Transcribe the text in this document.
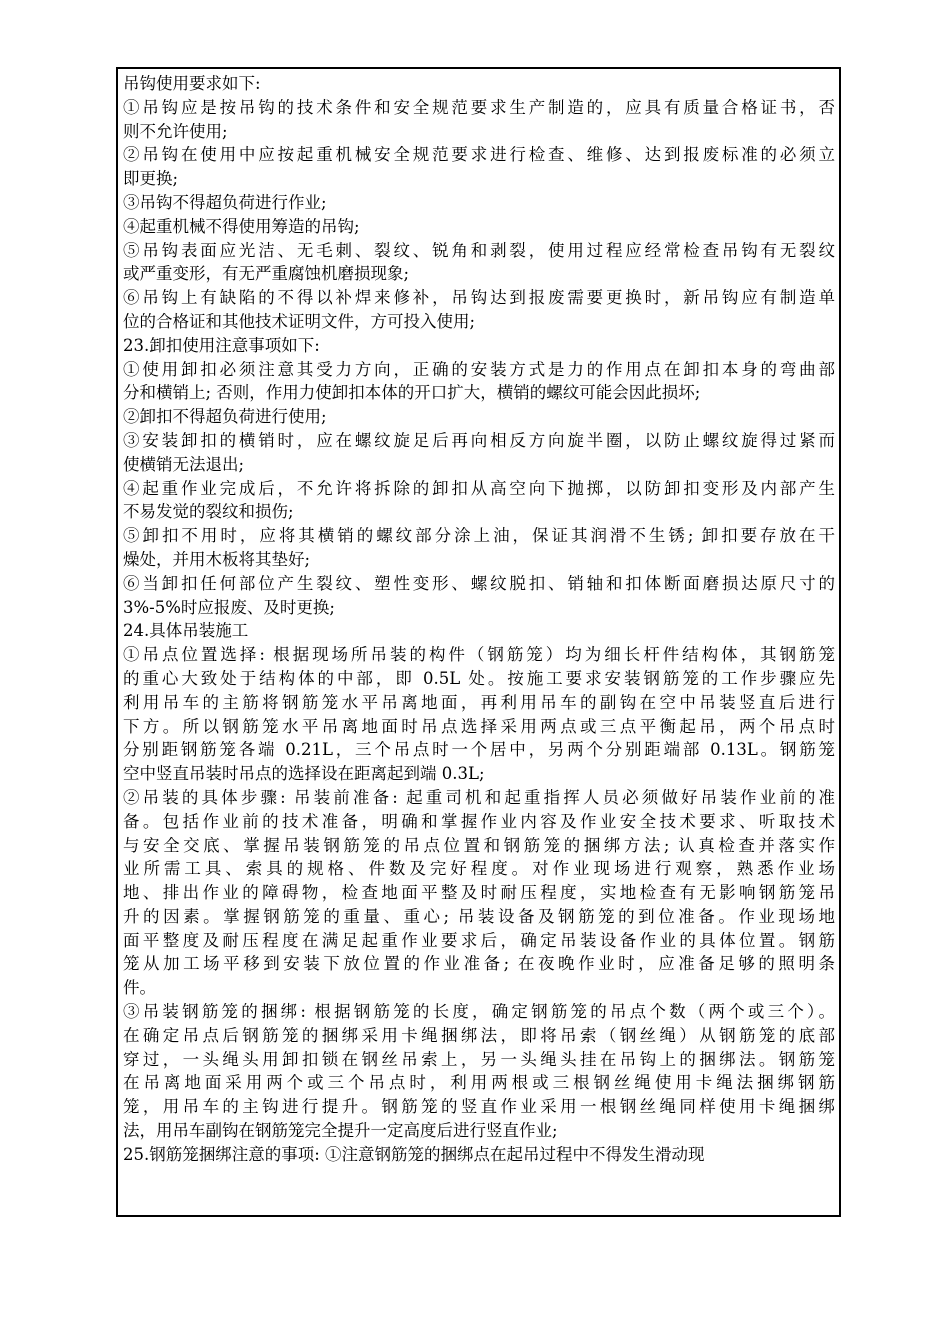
吊钩使用要求如下:
①吊钩应是按吊钩的技术条件和安全规范要求生产制造的，应具有质量合格证书，否
则不允许使用;
②吊钩在使用中应按起重机械安全规范要求进行检查、维修、达到报废标准的必须立
即更换;
③吊钩不得超负荷进行作业;
④起重机械不得使用筹造的吊钩;
⑤吊钩表面应光洁、无毛刺、裂纹、锐角和剥裂，使用过程应经常检查吊钩有无裂纹
或严重变形，有无严重腐蚀机磨损现象;
⑥吊钩上有缺陷的不得以补焊来修补，吊钩达到报废需要更换时，新吊钩应有制造单
位的合格证和其他技术证明文件，方可投入使用;
23.卸扣使用注意事项如下:
①使用卸扣必须注意其受力方向，正确的安装方式是力的作用点在卸扣本身的弯曲部
分和横销上; 否则，作用力使卸扣本体的开口扩大，横销的螺纹可能会因此损坏;
②卸扣不得超负荷进行使用;
③安装卸扣的横销时，应在螺纹旋足后再向相反方向旋半圈，以防止螺纹旋得过紧而
使横销无法退出;
④起重作业完成后，不允许将拆除的卸扣从高空向下抛掷，以防卸扣变形及内部产生
不易发觉的裂纹和损伤;
⑤卸扣不用时，应将其横销的螺纹部分涂上油，保证其润滑不生锈; 卸扣要存放在干
燥处，并用木板将其垫好;
⑥当卸扣任何部位产生裂纹、塑性变形、螺纹脱扣、销轴和扣体断面磨损达原尺寸的
3%-5%时应报废、及时更换;
24.具体吊装施工
①吊点位置选择: 根据现场所吊装的构件（钢筋笼）均为细长杆件结构体，其钢筋笼
的重心大致处于结构体的中部，即 0.5L 处。按施工要求安装钢筋笼的工作步骤应先
利用吊车的主筋将钢筋笼水平吊离地面，再利用吊车的副钩在空中吊装竖直后进行
下方。所以钢筋笼水平吊离地面时吊点选择采用两点或三点平衡起吊，两个吊点时
分别距钢筋笼各端 0.21L，三个吊点时一个居中，另两个分别距端部 0.13L。钢筋笼
空中竖直吊装时吊点的选择设在距离起到端 0.3L;
②吊装的具体步骤: 吊装前准备: 起重司机和起重指挥人员必须做好吊装作业前的准
备。包括作业前的技术准备，明确和掌握作业内容及作业安全技术要求、听取技术
与安全交底、掌握吊装钢筋笼的吊点位置和钢筋笼的捆绑方法; 认真检查并落实作
业所需工具、索具的规格、件数及完好程度。对作业现场进行观察，熟悉作业场
地、排出作业的障碍物，检查地面平整及时耐压程度，实地检查有无影响钢筋笼吊
升的因素。掌握钢筋笼的重量、重心; 吊装设备及钢筋笼的到位准备。作业现场地
面平整度及耐压程度在满足起重作业要求后，确定吊装设备作业的具体位置。钢筋
笼从加工场平移到安装下放位置的作业准备; 在夜晚作业时，应准备足够的照明条
件。
③吊装钢筋笼的捆绑: 根据钢筋笼的长度，确定钢筋笼的吊点个数（两个或三个）。
在确定吊点后钢筋笼的捆绑采用卡绳捆绑法，即将吊索（钢丝绳）从钢筋笼的底部
穿过，一头绳头用卸扣锁在钢丝吊索上，另一头绳头挂在吊钩上的捆绑法。钢筋笼
在吊离地面采用两个或三个吊点时，利用两根或三根钢丝绳使用卡绳法捆绑钢筋
笼，用吊车的主钩进行提升。钢筋笼的竖直作业采用一根钢丝绳同样使用卡绳捆绑
法，用吊车副钩在钢筋笼完全提升一定高度后进行竖直作业;
25.钢筋笼捆绑注意的事项: ①注意钢筋笼的捆绑点在起吊过程中不得发生滑动现
